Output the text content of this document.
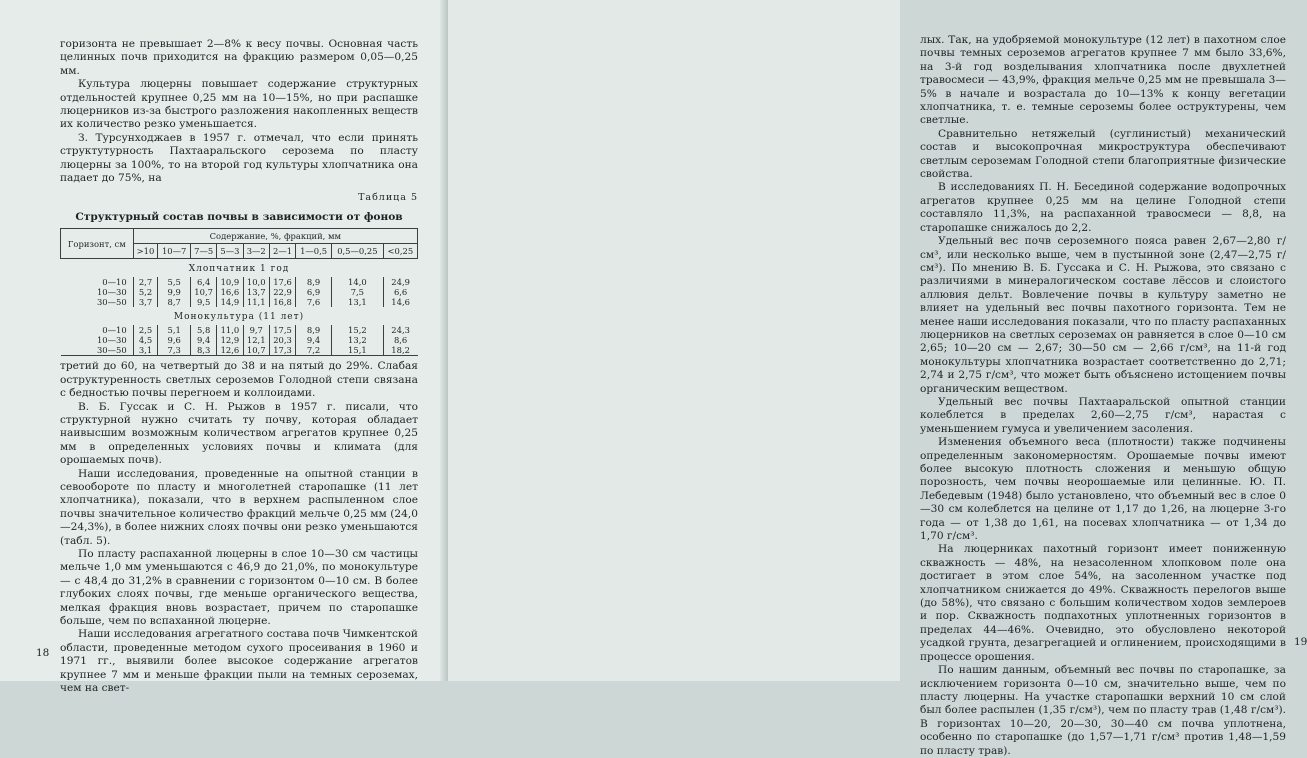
горизонта не превышает 2—8% к весу почвы. Основная часть целинных почв приходится на фракцию размером 0,05—0,25 мм.

Культура люцерны повышает содержание структурных отдельностей крупнее 0,25 мм на 10—15%, но при распашке люцерников из-за быстрого разложения накопленных веществ их количество резко уменьшается.

З. Турсунходжаев в 1957 г. отмечал, что если принять структутурность Пахтааральского серозема по пласту люцерны за 100%, то на второй год культуры хлопчатника она падает до 75%, на

Таблица 5
Структурный состав почвы в зависимости от фонов
Горизонт, см	Содержание, %, фракций, мм								
	>10	10—7	7—5	5—3	3—2	2—1	1—0,5	0,5—0,25	<0,25
Хлопчатник 1 год									
0—10	2,7	5,5	6,4	10,9	10,0	17,6	8,9	14,0	24,9
10—30	5,2	9,9	10,7	16,6	13,7	22,9	6,9	7,5	6,6
30—50	3,7	8,7	9,5	14,9	11,1	16,8	7,6	13,1	14,6
Монокультура (11 лет)									
0—10	2,5	5,1	5,8	11,0	9,7	17,5	8,9	15,2	24,3
10—30	4,5	9,6	9,4	12,9	12,1	20,3	9,4	13,2	8,6
30—50	3,1	7,3	8,3	12,6	10,7	17,3	7,2	15,1	18,2

третий до 60, на четвертый до 38 и на пятый до 29%. Слабая оструктуренность светлых сероземов Голодной степи связана с бедностью почвы перегноем и коллоидами.

В. Б. Гуссак и С. Н. Рыжов в 1957 г. писали, что структурной нужно считать ту почву, которая обладает наивысшим возможным количеством агрегатов крупнее 0,25 мм в определенных условиях почвы и климата (для орошаемых почв).

Наши исследования, проведенные на опытной станции в севообороте по пласту и многолетней старопашке (11 лет хлопчатника), показали, что в верхнем распыленном слое почвы значительное количество фракций мельче 0,25 мм (24,0—24,3%), в более нижних слоях почвы они резко уменьшаются (табл. 5).

По пласту распаханной люцерны в слое 10—30 см частицы мельче 1,0 мм уменьшаются с 46,9 до 21,0%, по монокультуре — с 48,4 до 31,2% в сравнении с горизонтом 0—10 см. В более глубоких слоях почвы, где меньше органического вещества, мелкая фракция вновь возрастает, причем по старопашке больше, чем по вспаханной люцерне.

Наши исследования агрегатного состава почв Чимкентской области, проведенные методом сухого просеивания в 1960 и 1971 гг., выявили более высокое содержание агрегатов крупнее 7 мм и меньше фракции пыли на темных сероземах, чем на свет-

18

лых. Так, на удобряемой монокультуре (12 лет) в пахотном слое почвы темных сероземов агрегатов крупнее 7 мм было 33,6%, на 3-й год возделывания хлопчатника после двухлетней травосмеси — 43,9%, фракция мельче 0,25 мм не превышала 3—5% в начале и возрастала до 10—13% к концу вегетации хлопчатника, т. е. темные сероземы более оструктурены, чем светлые.

Сравнительно нетяжелый (суглинистый) механический состав и высокопрочная микроструктура обеспечивают светлым сероземам Голодной степи благоприятные физические свойства.

В исследованиях П. Н. Бесединой содержание водопрочных агрегатов крупнее 0,25 мм на целине Голодной степи составляло 11,3%, на распаханной травосмеси — 8,8, на старопашке снижалось до 2,2.

Удельный вес почв сероземного пояса равен 2,67—2,80 г/см³, или несколько выше, чем в пустынной зоне (2,47—2,75 г/см³). По мнению В. Б. Гуссака и С. Н. Рыжова, это связано с различиями в минералогическом составе лёссов и слоистого аллювия дельт. Вовлечение почвы в культуру заметно не влияет на удельный вес почвы пахотного горизонта. Тем не менее наши исследования показали, что по пласту распаханных люцерников на светлых сероземах он равняется в слое 0—10 см 2,65; 10—20 см — 2,67; 30—50 см — 2,66 г/см³, на 11-й год монокультуры хлопчатника возрастает соответственно до 2,71; 2,74 и 2,75 г/см³, что может быть объяснено истощением почвы органическим веществом.

Удельный вес почвы Пахтааральской опытной станции колеблется в пределах 2,60—2,75 г/см³, нарастая с уменьшением гумуса и увеличением засоления.

Изменения объемного веса (плотности) также подчинены определенным закономерностям. Орошаемые почвы имеют более высокую плотность сложения и меньшую общую порозность, чем почвы неорошаемые или целинные. Ю. П. Лебедевым (1948) было установлено, что объемный вес в слое 0—30 см колеблется на целине от 1,17 до 1,26, на люцерне 3-го года — от 1,38 до 1,61, на посевах хлопчатника — от 1,34 до 1,70 г/см³.

На люцерниках пахотный горизонт имеет пониженную скважность — 48%, на незасоленном хлопковом поле она достигает в этом слое 54%, на засоленном участке под хлопчатником снижается до 49%. Скважность перелогов выше (до 58%), что связано с большим количеством ходов землероев и пор. Скважность подпахотных уплотненных горизонтов в пределах 44—46%. Очевидно, это обусловлено некоторой усадкой грунта, дезагрегацией и оглинением, происходящими в процессе орошения.

По нашим данным, объемный вес почвы по старопашке, за исключением горизонта 0—10 см, значительно выше, чем по пласту люцерны. На участке старопашки верхний 10 см слой был более распылен (1,35 г/см³), чем по пласту трав (1,48 г/см³). В горизонтах 10—20, 20—30, 30—40 см почва уплотнена, особенно по старопашке (до 1,57—1,71 г/см³ против 1,48—1,59 по пласту трав).

19
